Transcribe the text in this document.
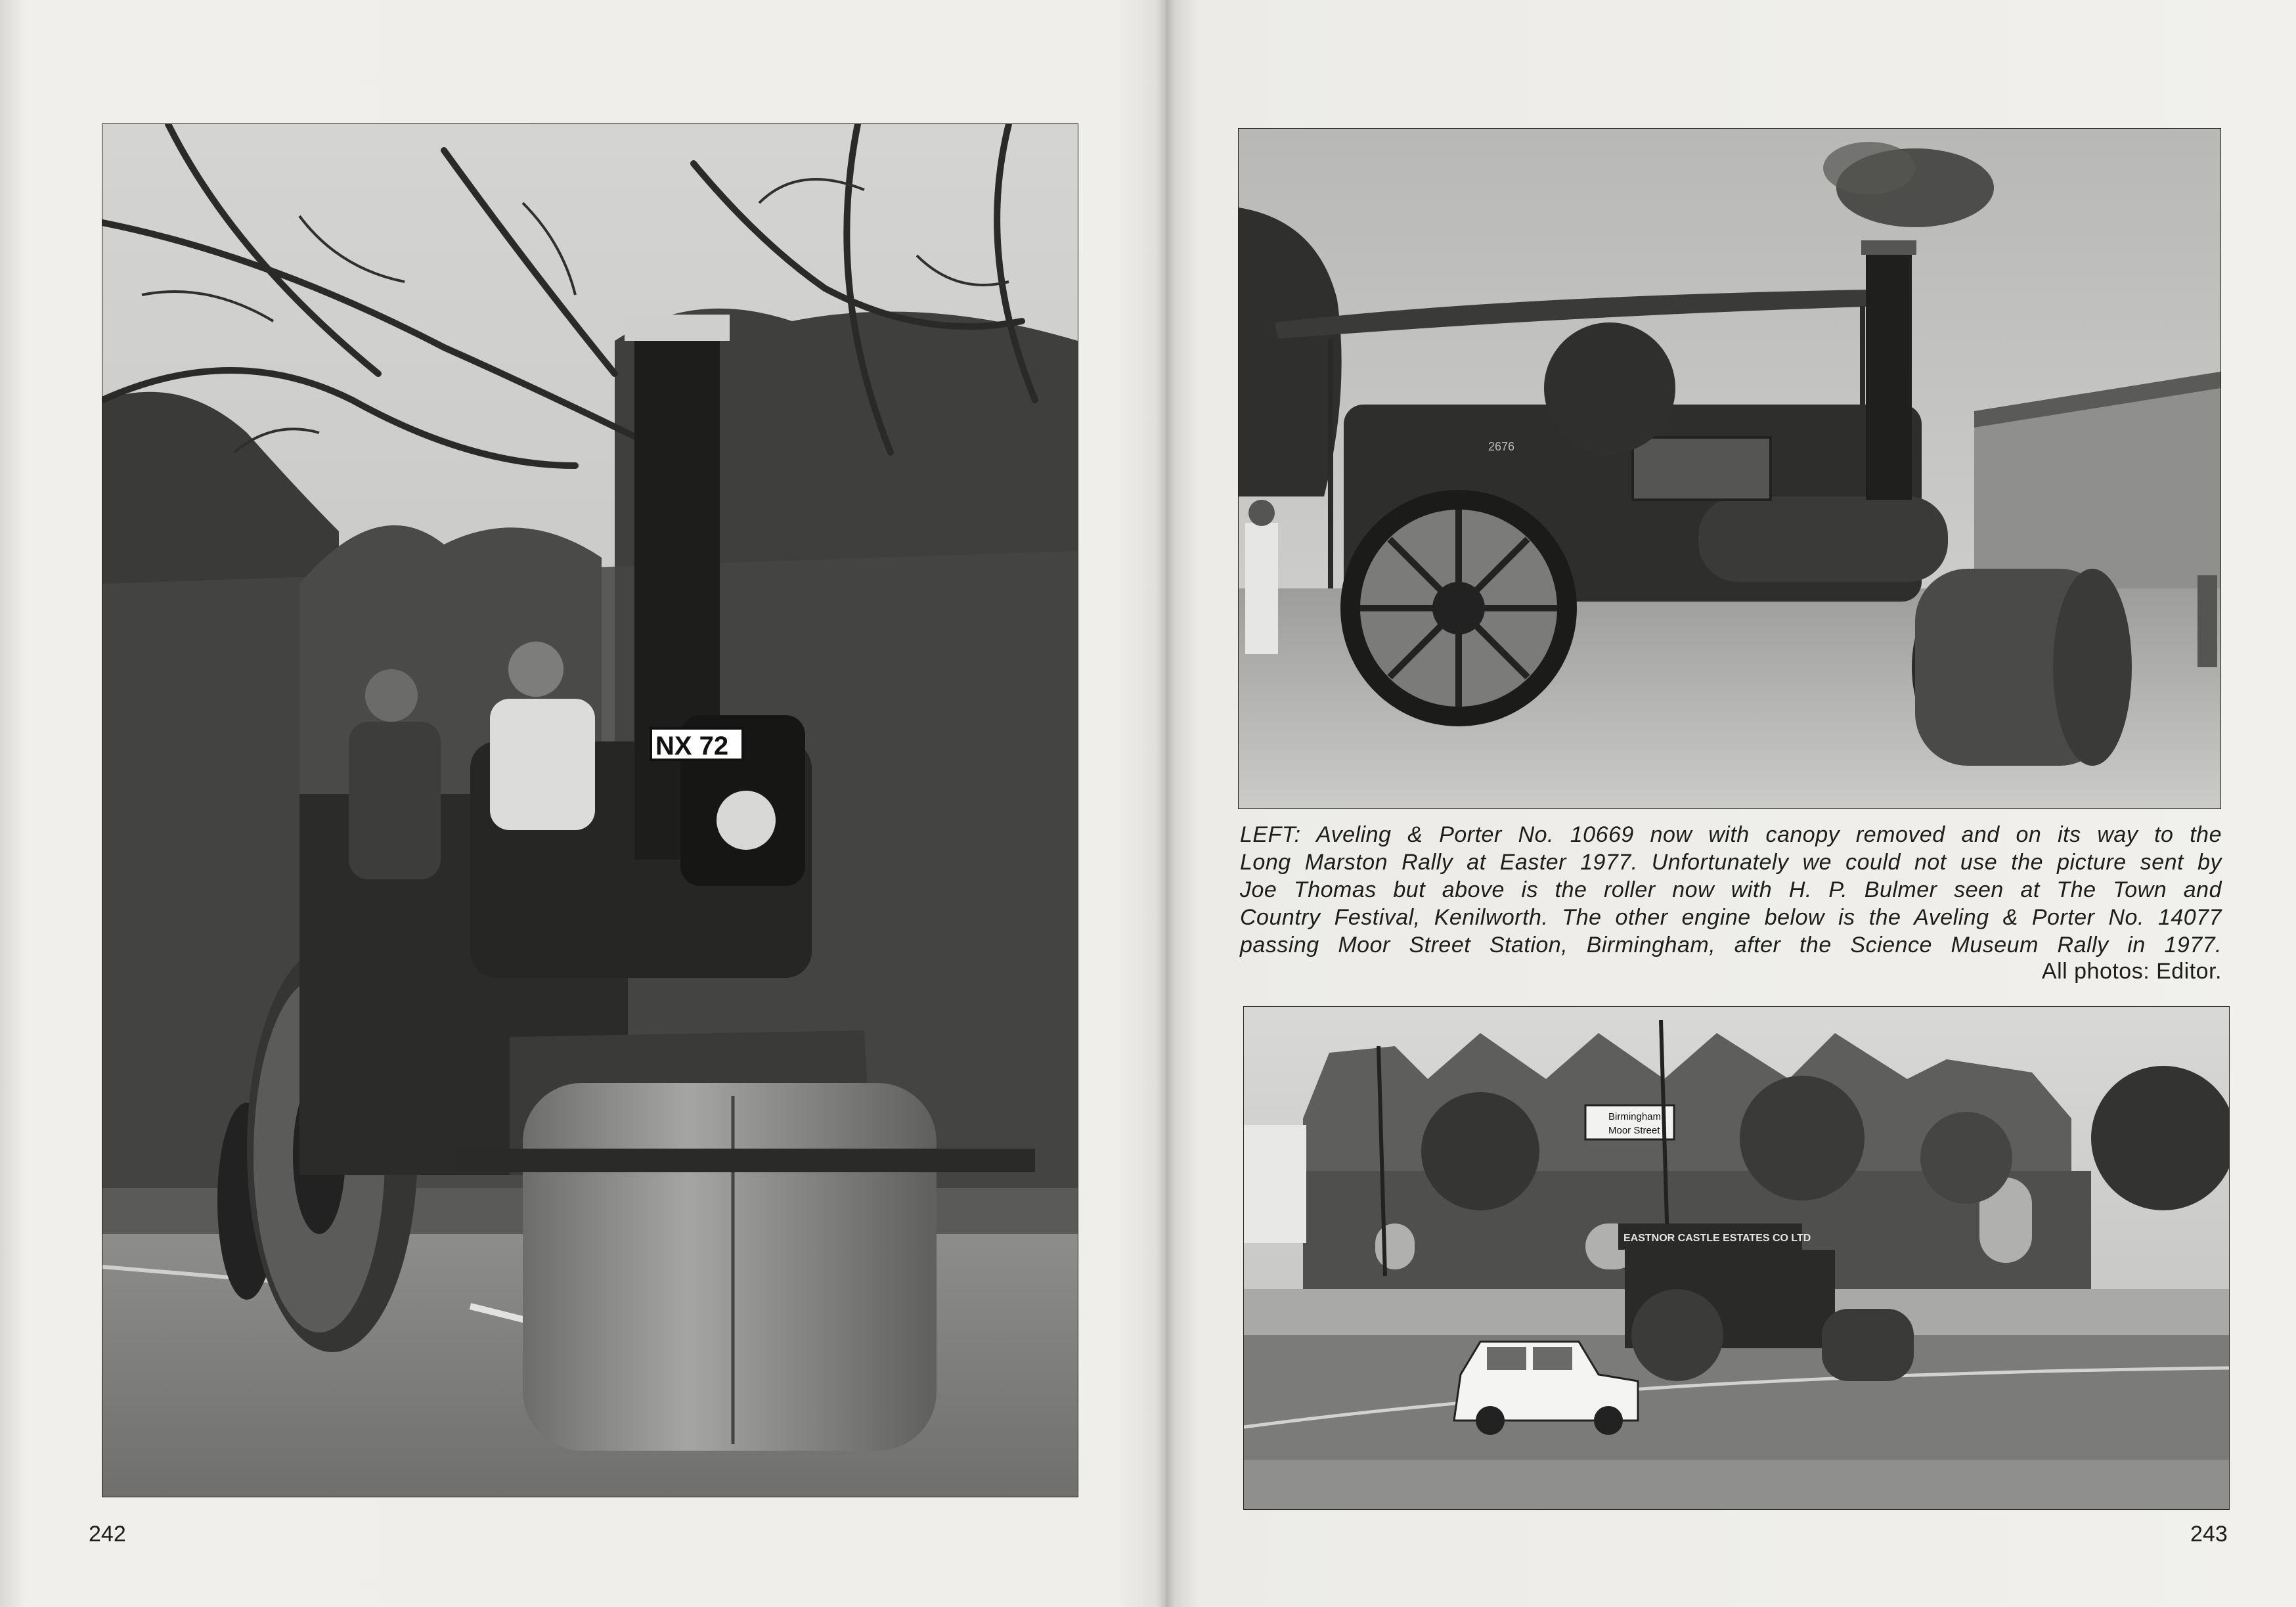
NX 72
2676
LEFT: Aveling & Porter No. 10669 now with canopy removed and on its way to the
Long Marston Rally at Easter 1977. Unfortunately we could not use the picture sent by
Joe Thomas but above is the roller now with H. P. Bulmer seen at The Town and
Country Festival, Kenilworth. The other engine below is the Aveling & Porter No. 14077
passing Moor Street Station, Birmingham, after the Science Museum Rally in 1977.
All photos: Editor.
Birmingham
Moor Street
EASTNOR CASTLE ESTATES CO LTD
242	243
